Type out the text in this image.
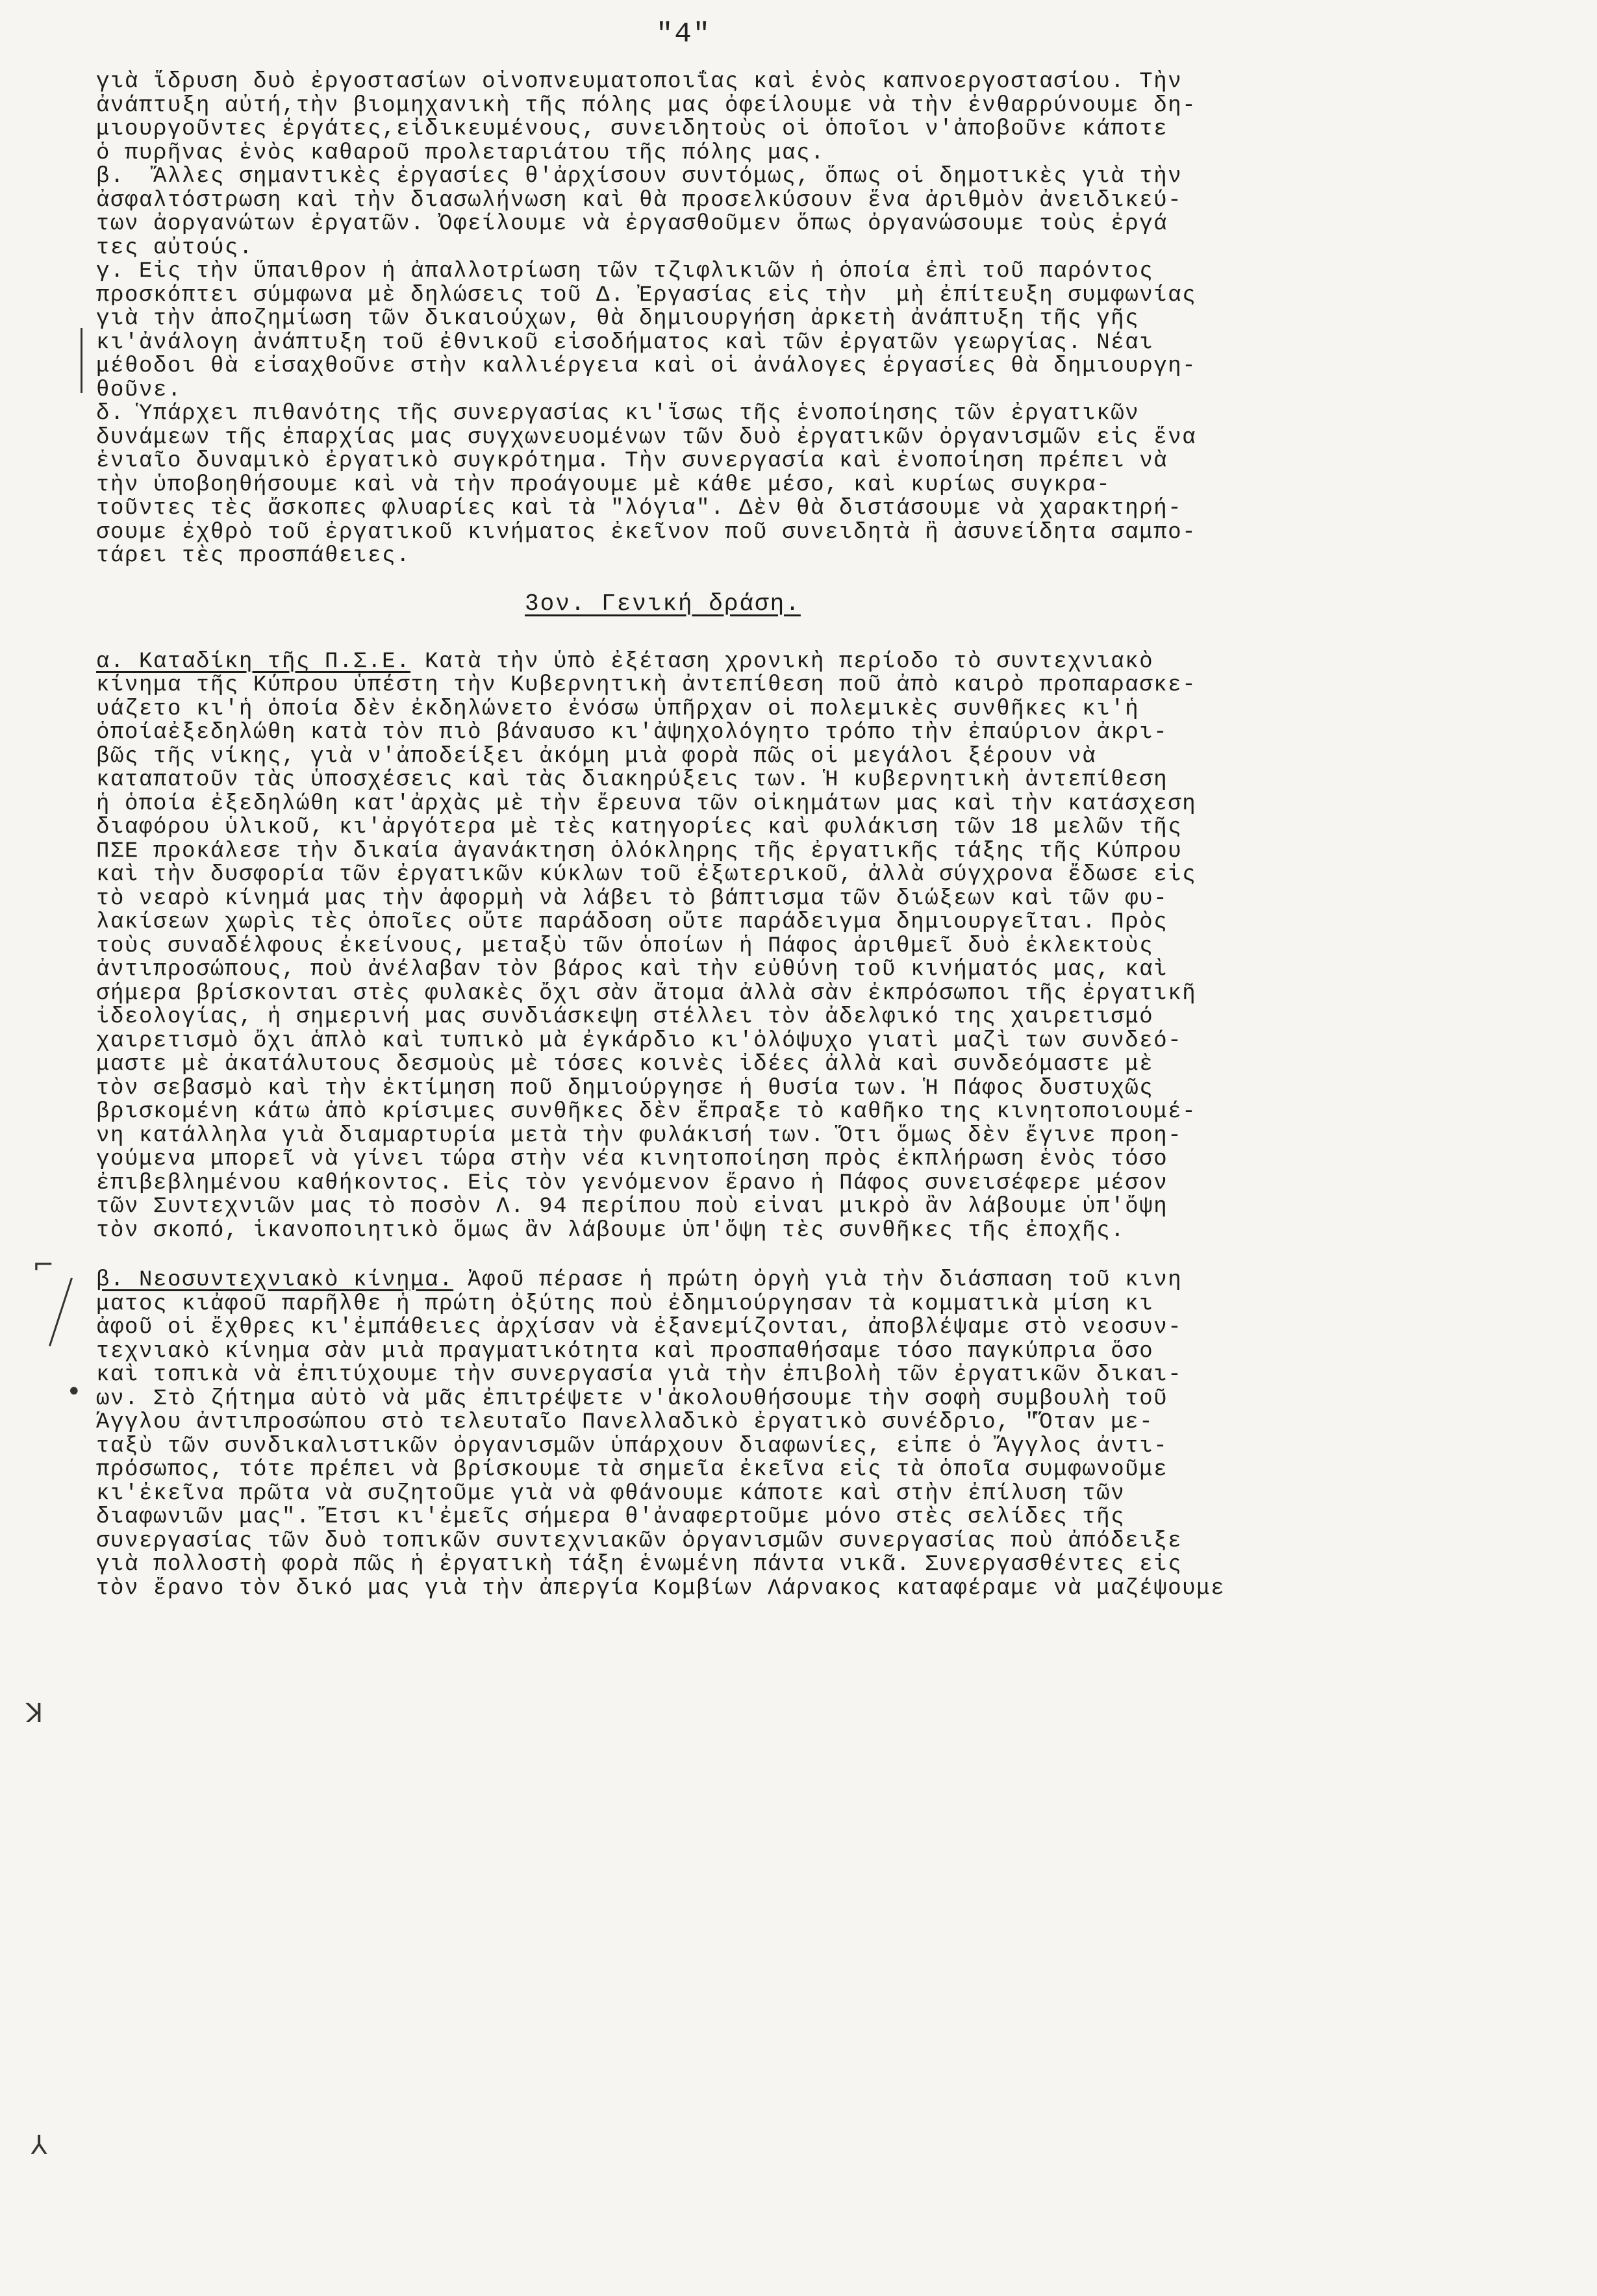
"4"
⌐
•
ꓘ
⅄
γιὰ ἵδρυση δυὸ ἐργοστασίων οἰνοπνευματοποιΐας καὶ ἑνὸς καπνοεργοστασίου. Τὴν
ἀνάπτυξη αὐτή,τὴν βιομηχανικὴ τῆς πόλης μας ὀφείλουμε νὰ τὴν ἐνθαρρύνουμε δη-
μιουργοῦντες ἐργάτες,εἰδικευμένους, συνειδητοὺς οἱ ὁποῖοι ν'ἀποβοῦνε κάποτε
ὁ πυρῆνας ἑνὸς καθαροῦ προλεταριάτου τῆς πόλης μας.
β.  Ἄλλες σημαντικὲς ἐργασίες θ'ἀρχίσουν συντόμως, ὅπως οἱ δημοτικὲς γιὰ τὴν
ἀσφαλτόστρωση καὶ τὴν διασωλήνωση καὶ θὰ προσελκύσουν ἕνα ἀριθμὸν ἀνειδικεύ-
των ἀοργανώτων ἐργατῶν. Ὀφείλουμε νὰ ἐργασθοῦμεν ὅπως ὀργανώσουμε τοὺς ἐργά
τες αὐτούς.
γ. Εἰς τὴν ὕπαιθρον ἡ ἀπαλλοτρίωση τῶν τζιφλικιῶν ἡ ὁποία ἐπὶ τοῦ παρόντος
προσκόπτει σύμφωνα μὲ δηλώσεις τοῦ Δ. Ἐργασίας εἰς τὴν  μὴ ἐπίτευξη συμφωνίας
γιὰ τὴν ἀποζημίωση τῶν δικαιούχων, θὰ δημιουργήση ἀρκετὴ ἀνάπτυξη τῆς γῆς
κι'ἀνάλογη ἀνάπτυξη τοῦ ἐθνικοῦ εἰσοδήματος καὶ τῶν ἐργατῶν γεωργίας. Νέαι
μέθοδοι θὰ εἰσαχθοῦνε στὴν καλλιέργεια καὶ οἱ ἀνάλογες ἐργασίες θὰ δημιουργη-
θοῦνε.
δ. Ὑπάρχει πιθανότης τῆς συνεργασίας κι'ἴσως τῆς ἑνοποίησης τῶν ἐργατικῶν
δυνάμεων τῆς ἐπαρχίας μας συγχωνευομένων τῶν δυὸ ἐργατικῶν ὀργανισμῶν εἰς ἕνα
ἑνιαῖο δυναμικὸ ἐργατικὸ συγκρότημα. Τὴν συνεργασία καὶ ἑνοποίηση πρέπει νὰ
τὴν ὑποβοηθήσουμε καὶ νὰ τὴν προάγουμε μὲ κάθε μέσο, καὶ κυρίως συγκρα-
τοῦντες τὲς ἄσκοπες φλυαρίες καὶ τὰ "λόγια". Δὲν θὰ διστάσουμε νὰ χαρακτηρή-
σουμε ἐχθρὸ τοῦ ἐργατικοῦ κινήματος ἐκεῖνον ποῦ συνειδητὰ ἢ ἀσυνείδητα σαμπο-
τάρει τὲς προσπάθειες.
3ον. Γενική δράση.
α. Καταδίκη τῆς Π.Σ.Ε. Κατὰ τὴν ὑπὸ ἐξέταση χρονικὴ περίοδο τὸ συντεχνιακὸ
κίνημα τῆς Κύπρου ὑπέστη τὴν Κυβερνητικὴ ἀντεπίθεση ποῦ ἀπὸ καιρὸ προπαρασκε-
υάζετο κι'ἡ ὁποία δὲν ἐκδηλώνετο ἐνόσω ὑπῆρχαν οἱ πολεμικὲς συνθῆκες κι'ἡ
ὁποίαἐξεδηλώθη κατὰ τὸν πιὸ βάναυσο κι'ἀψηχολόγητο τρόπο τὴν ἐπαύριον ἀκρι-
βῶς τῆς νίκης, γιὰ ν'ἀποδείξει ἀκόμη μιὰ φορὰ πῶς οἱ μεγάλοι ξέρουν νὰ
καταπατοῦν τὰς ὑποσχέσεις καὶ τὰς διακηρύξεις των. Ἡ κυβερνητικὴ ἀντεπίθεση
ἡ ὁποία ἐξεδηλώθη κατ'ἀρχὰς μὲ τὴν ἔρευνα τῶν οἰκημάτων μας καὶ τὴν κατάσχεση
διαφόρου ὑλικοῦ, κι'ἀργότερα μὲ τὲς κατηγορίες καὶ φυλάκιση τῶν 18 μελῶν τῆς
ΠΣΕ προκάλεσε τὴν δικαία ἀγανάκτηση ὁλόκληρης τῆς ἐργατικῆς τάξης τῆς Κύπρου
καὶ τὴν δυσφορία τῶν ἐργατικῶν κύκλων τοῦ ἐξωτερικοῦ, ἀλλὰ σύγχρονα ἔδωσε εἰς
τὸ νεαρὸ κίνημά μας τὴν ἀφορμὴ νὰ λάβει τὸ βάπτισμα τῶν διώξεων καὶ τῶν φυ-
λακίσεων χωρὶς τὲς ὁποῖες οὔτε παράδοση οὔτε παράδειγμα δημιουργεῖται. Πρὸς
τοὺς συναδέλφους ἐκείνους, μεταξὺ τῶν ὁποίων ἡ Πάφος ἀριθμεῖ δυὸ ἐκλεκτοὺς
ἀντιπροσώπους, ποὺ ἀνέλαβαν τὸν βάρος καὶ τὴν εὐθύνη τοῦ κινήματός μας, καὶ
σήμερα βρίσκονται στὲς φυλακὲς ὄχι σὰν ἄτομα ἀλλὰ σὰν ἐκπρόσωποι τῆς ἐργατικῆ
ἰδεολογίας, ἡ σημερινή μας συνδιάσκεψη στέλλει τὸν ἀδελφικό της χαιρετισμό
χαιρετισμὸ ὄχι ἁπλὸ καὶ τυπικὸ μὰ ἐγκάρδιο κι'ὁλόψυχο γιατὶ μαζὶ των συνδεό-
μαστε μὲ ἀκατάλυτους δεσμοὺς μὲ τόσες κοινὲς ἰδέες ἀλλὰ καὶ συνδεόμαστε μὲ
τὸν σεβασμὸ καὶ τὴν ἐκτίμηση ποῦ δημιούργησε ἡ θυσία των. Ἡ Πάφος δυστυχῶς
βρισκομένη κάτω ἀπὸ κρίσιμες συνθῆκες δὲν ἔπραξε τὸ καθῆκο της κινητοποιουμέ-
νη κατάλληλα γιὰ διαμαρτυρία μετὰ τὴν φυλάκισή των. Ὅτι ὅμως δὲν ἔγινε προη-
γούμενα μπορεῖ νὰ γίνει τώρα στὴν νέα κινητοποίηση πρὸς ἐκπλήρωση ἑνὸς τόσο
ἐπιβεβλημένου καθήκοντος. Εἰς τὸν γενόμενον ἔρανο ἡ Πάφος συνεισέφερε μέσον
τῶν Συντεχνιῶν μας τὸ ποσὸν Λ. 94 περίπου ποὺ εἶναι μικρὸ ἂν λάβουμε ὑπ'ὄψη
τὸν σκοπό, ἱκανοποιητικὸ ὅμως ἂν λάβουμε ὑπ'ὄψη τὲς συνθῆκες τῆς ἐποχῆς.
β. Νεοσυντεχνιακὸ κίνημα. Ἀφοῦ πέρασε ἡ πρώτη ὀργὴ γιὰ τὴν διάσπαση τοῦ κινη
ματος κιἀφοῦ παρῆλθε ἡ πρώτη ὀξύτης ποὺ ἐδημιούργησαν τὰ κομματικὰ μίση κι
ἀφοῦ οἱ ἔχθρες κι'ἐμπάθειες ἀρχίσαν νὰ ἐξανεμίζονται, ἀποβλέψαμε στὸ νεοσυν-
τεχνιακὸ κίνημα σὰν μιὰ πραγματικότητα καὶ προσπαθήσαμε τόσο παγκύπρια ὅσο
καὶ τοπικὰ νὰ ἐπιτύχουμε τὴν συνεργασία γιὰ τὴν ἐπιβολὴ τῶν ἐργατικῶν δικαι-
ων. Στὸ ζήτημα αὐτὸ νὰ μᾶς ἐπιτρέψετε ν'ἀκολουθήσουμε τὴν σοφὴ συμβουλὴ τοῦ
Ἄγγλου ἀντιπροσώπου στὸ τελευταῖο Πανελλαδικὸ ἐργατικὸ συνέδριο, "Ὅταν με-
ταξὺ τῶν συνδικαλιστικῶν ὀργανισμῶν ὑπάρχουν διαφωνίες, εἶπε ὁ Ἄγγλος ἀντι-
πρόσωπος, τότε πρέπει νὰ βρίσκουμε τὰ σημεῖα ἐκεῖνα εἰς τὰ ὁποῖα συμφωνοῦμε
κι'ἐκεῖνα πρῶτα νὰ συζητοῦμε γιὰ νὰ φθάνουμε κάποτε καὶ στὴν ἐπίλυση τῶν
διαφωνιῶν μας". Ἔτσι κι'ἐμεῖς σήμερα θ'ἀναφερτοῦμε μόνο στὲς σελίδες τῆς
συνεργασίας τῶν δυὸ τοπικῶν συντεχνιακῶν ὀργανισμῶν συνεργασίας ποὺ ἀπόδειξε
γιὰ πολλοστὴ φορὰ πῶς ἡ ἐργατικὴ τάξη ἑνωμένη πάντα νικᾶ. Συνεργασθέντες εἰς
τὸν ἔρανο τὸν δικό μας γιὰ τὴν ἀπεργία Κομβίων Λάρνακος καταφέραμε νὰ μαζέψουμε
